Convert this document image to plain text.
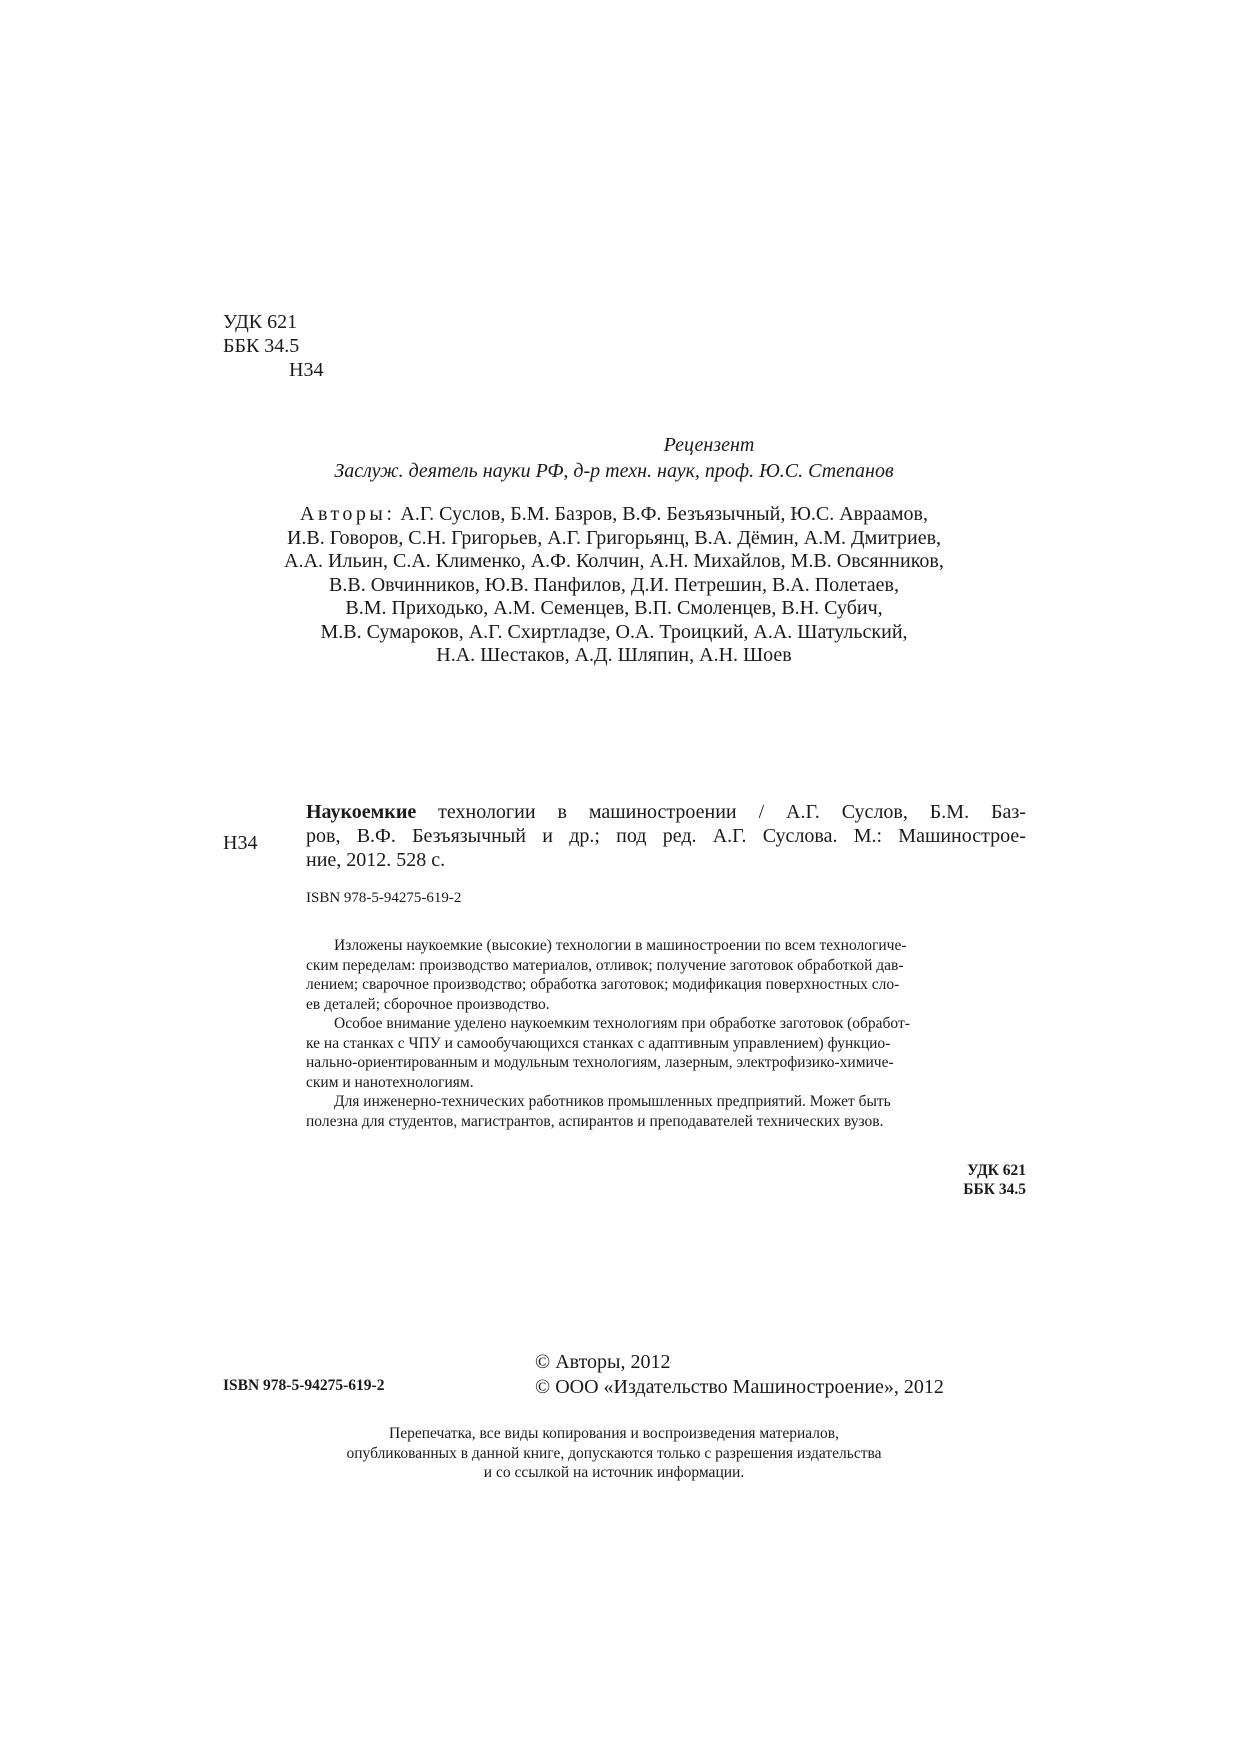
УДК 621
ББК 34.5
Н34
Рецензент
Заслуж. деятель науки РФ, д-р техн. наук, проф. Ю.С. Степанов
Авторы: А.Г. Суслов, Б.М. Базров, В.Ф. Безъязычный, Ю.С. Авраамов,
И.В. Говоров, С.Н. Григорьев, А.Г. Григорьянц, В.А. Дёмин, А.М. Дмитриев,
А.А. Ильин, С.А. Клименко, А.Ф. Колчин, А.Н. Михайлов, М.В. Овсянников,
В.В. Овчинников, Ю.В. Панфилов, Д.И. Петрешин, В.А. Полетаев,
В.М. Приходько, А.М. Семенцев, В.П. Смоленцев, В.Н. Субич,
М.В. Сумароков, А.Г. Схиртладзе, О.А. Троицкий, А.А. Шатульский,
Н.А. Шестаков, А.Д. Шляпин, А.Н. Шоев
Н34
Наукоемкие технологии в машиностроении / А.Г. Суслов, Б.М. Баз-
ров, В.Ф. Безъязычный и др.; под ред. А.Г. Суслова. М.: Машинострое-
ние, 2012. 528 с.
ISBN 978-5-94275-619-2
Изложены наукоемкие (высокие) технологии в машиностроении по всем технологиче-
ским переделам: производство материалов, отливок; получение заготовок обработкой дав-
лением; сварочное производство; обработка заготовок; модификация поверхностных сло-
ев деталей; сборочное производство.
Особое внимание уделено наукоемким технологиям при обработке заготовок (обработ-
ке на станках с ЧПУ и самообучающихся станках с адаптивным управлением) функцио-
нально-ориентированным и модульным технологиям, лазерным, электрофизико-химиче-
ским и нанотехнологиям.
Для инженерно-технических работников промышленных предприятий. Может быть
полезна для студентов, магистрантов, аспирантов и преподавателей технических вузов.
УДК 621
ББК 34.5
ISBN 978-5-94275-619-2
© Авторы, 2012
© ООО «Издательство Машиностроение», 2012
Перепечатка, все виды копирования и воспроизведения материалов,
опубликованных в данной книге, допускаются только с разрешения издательства
и со ссылкой на источник информации.
